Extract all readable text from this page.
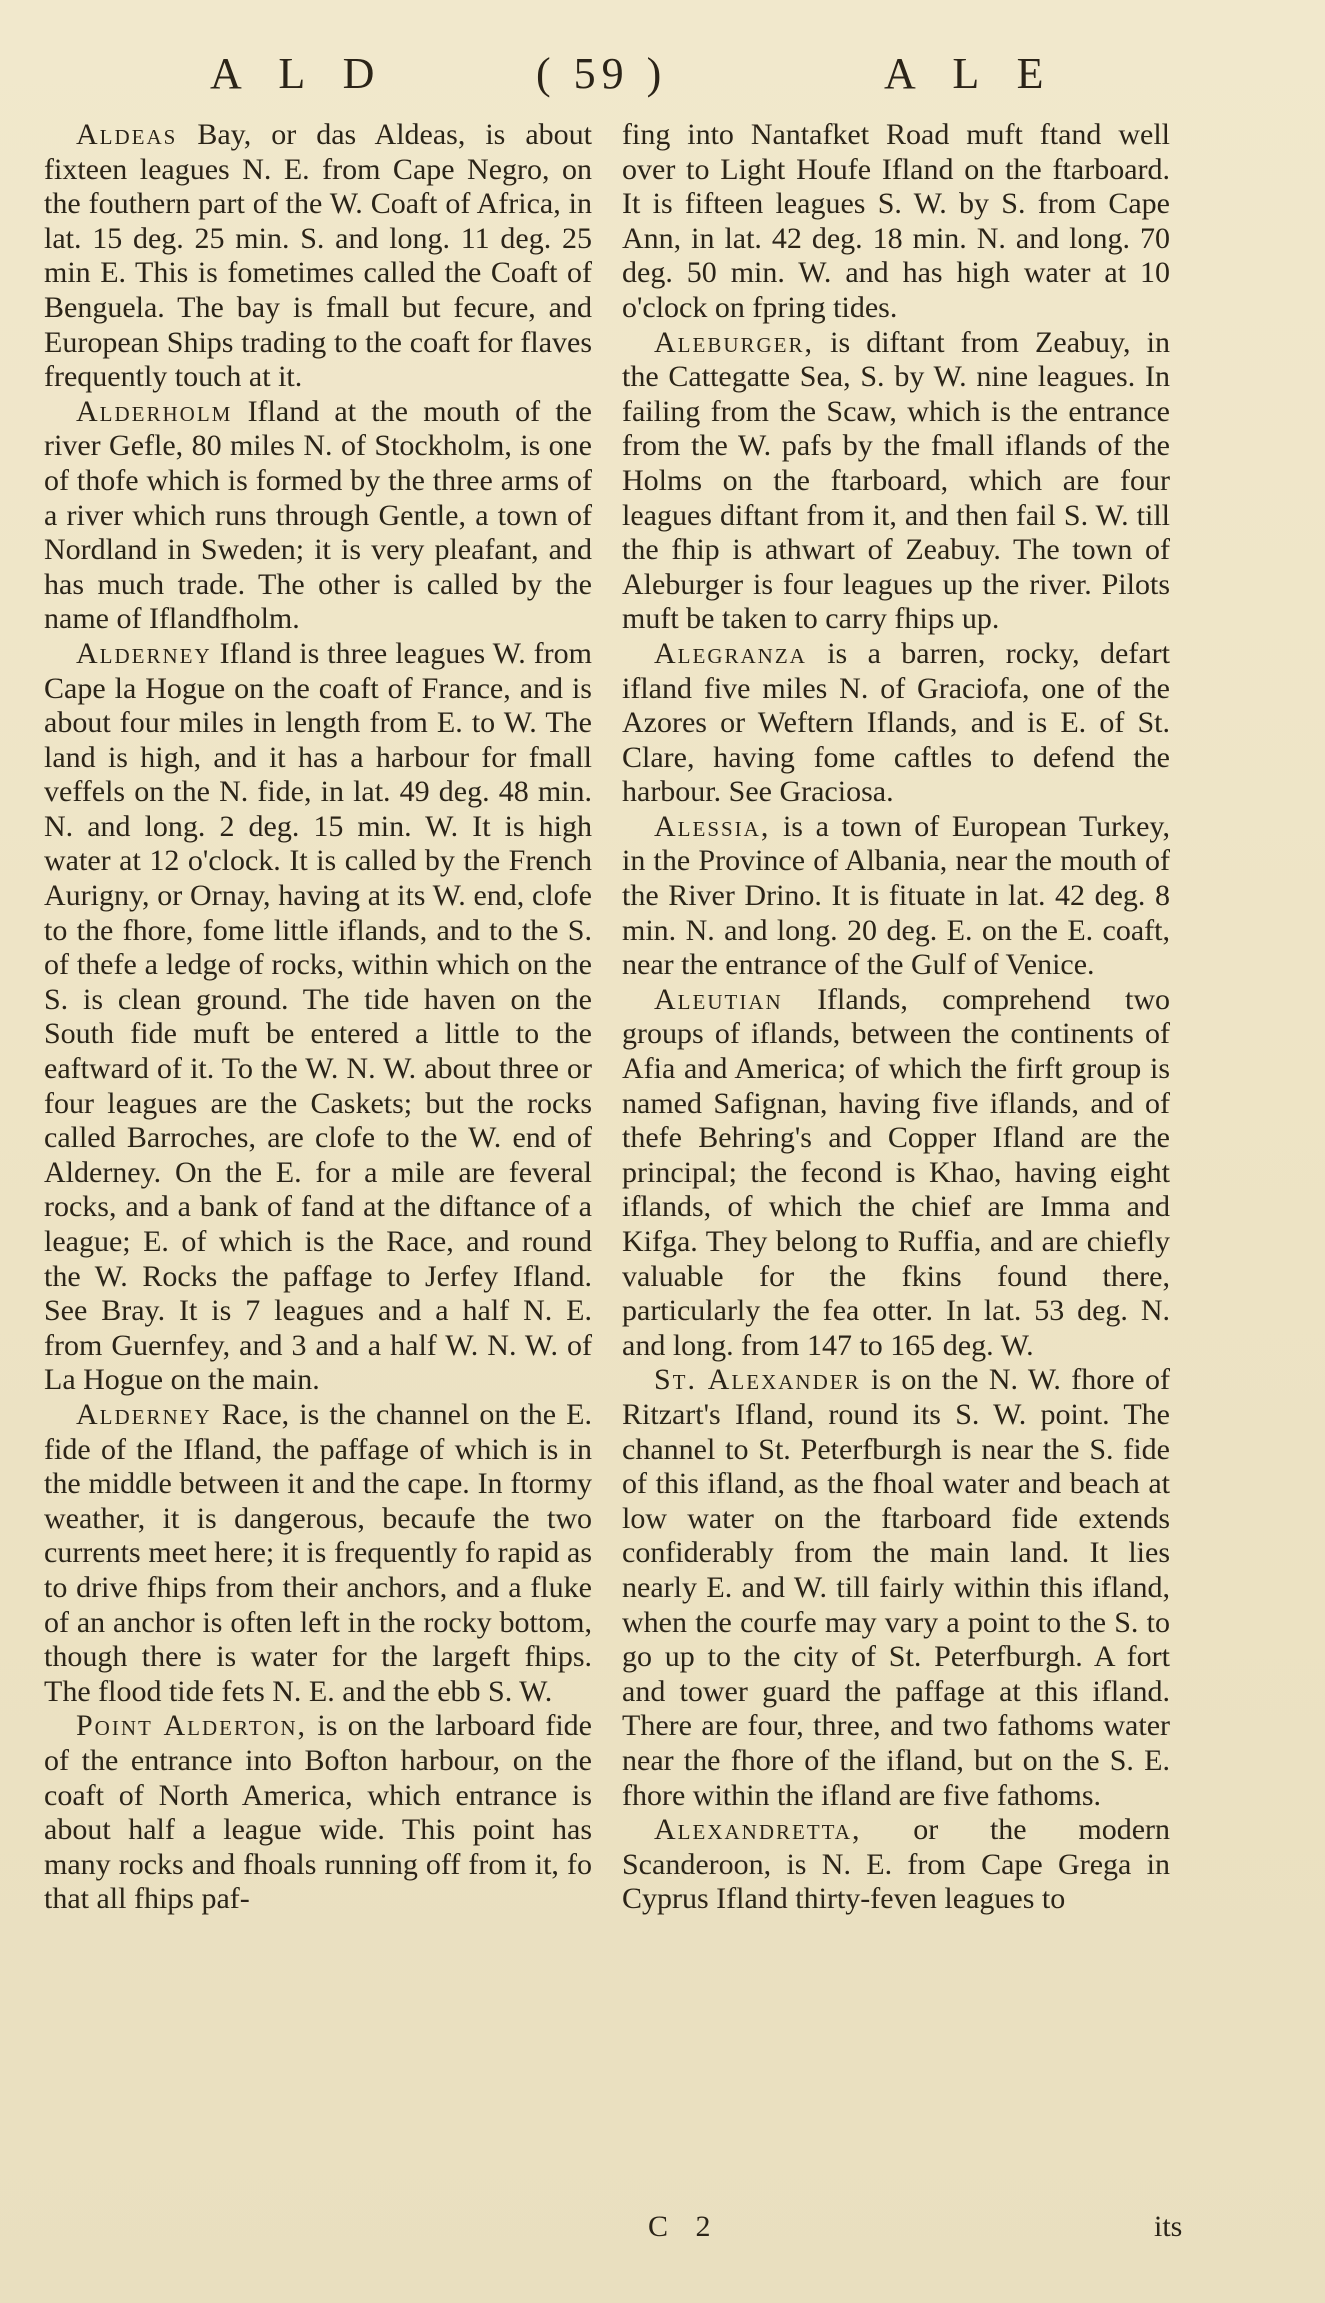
A L D	( 59 )	A L E

Aldeas Bay, or das Aldeas, is about fixteen leagues N. E. from Cape Negro, on the fouthern part of the W. Coaft of Africa, in lat. 15 deg. 25 min. S. and long. 11 deg. 25 min E. This is fometimes called the Coaft of Benguela. The bay is fmall but fecure, and European Ships trading to the coaft for flaves frequently touch at it.

Alderholm Ifland at the mouth of the river Gefle, 80 miles N. of Stockholm, is one of thofe which is formed by the three arms of a river which runs through Gentle, a town of Nordland in Sweden; it is very pleafant, and has much trade. The other is called by the name of Iflandfholm.

Alderney Ifland is three leagues W. from Cape la Hogue on the coaft of France, and is about four miles in length from E. to W. The land is high, and it has a harbour for fmall veffels on the N. fide, in lat. 49 deg. 48 min. N. and long. 2 deg. 15 min. W. It is high water at 12 o'clock. It is called by the French Aurigny, or Ornay, having at its W. end, clofe to the fhore, fome little iflands, and to the S. of thefe a ledge of rocks, within which on the S. is clean ground. The tide haven on the South fide muft be entered a little to the eaftward of it. To the W. N. W. about three or four leagues are the Caskets; but the rocks called Barroches, are clofe to the W. end of Alderney. On the E. for a mile are feveral rocks, and a bank of fand at the diftance of a league; E. of which is the Race, and round the W. Rocks the paffage to Jerfey Ifland. See Bray. It is 7 leagues and a half N. E. from Guernfey, and 3 and a half W. N. W. of La Hogue on the main.

Alderney Race, is the channel on the E. fide of the Ifland, the paffage of which is in the middle between it and the cape. In ftormy weather, it is dangerous, becaufe the two currents meet here; it is frequently fo rapid as to drive fhips from their anchors, and a fluke of an anchor is often left in the rocky bottom, though there is water for the largeft fhips. The flood tide fets N. E. and the ebb S. W.

Point Alderton, is on the larboard fide of the entrance into Bofton harbour, on the coaft of North America, which entrance is about half a league wide. This point has many rocks and fhoals running off from it, fo that all fhips paf-

fing into Nantafket Road muft ftand well over to Light Houfe Ifland on the ftarboard. It is fifteen leagues S. W. by S. from Cape Ann, in lat. 42 deg. 18 min. N. and long. 70 deg. 50 min. W. and has high water at 10 o'clock on fpring tides.

Aleburger, is diftant from Zeabuy, in the Cattegatte Sea, S. by W. nine leagues. In failing from the Scaw, which is the entrance from the W. pafs by the fmall iflands of the Holms on the ftarboard, which are four leagues diftant from it, and then fail S. W. till the fhip is athwart of Zeabuy. The town of Aleburger is four leagues up the river. Pilots muft be taken to carry fhips up.

Alegranza is a barren, rocky, defart ifland five miles N. of Graciofa, one of the Azores or Weftern Iflands, and is E. of St. Clare, having fome caftles to defend the harbour. See Graciosa.

Alessia, is a town of European Turkey, in the Province of Albania, near the mouth of the River Drino. It is fituate in lat. 42 deg. 8 min. N. and long. 20 deg. E. on the E. coaft, near the entrance of the Gulf of Venice.

Aleutian Iflands, comprehend two groups of iflands, between the continents of Afia and America; of which the firft group is named Safignan, having five iflands, and of thefe Behring's and Copper Ifland are the principal; the fecond is Khao, having eight iflands, of which the chief are Imma and Kifga. They belong to Ruffia, and are chiefly valuable for the fkins found there, particularly the fea otter. In lat. 53 deg. N. and long. from 147 to 165 deg. W.

St. Alexander is on the N. W. fhore of Ritzart's Ifland, round its S. W. point. The channel to St. Peterfburgh is near the S. fide of this ifland, as the fhoal water and beach at low water on the ftarboard fide extends confiderably from the main land. It lies nearly E. and W. till fairly within this ifland, when the courfe may vary a point to the S. to go up to the city of St. Peterfburgh. A fort and tower guard the paffage at this ifland. There are four, three, and two fathoms water near the fhore of the ifland, but on the S. E. fhore within the ifland are five fathoms.

Alexandretta, or the modern Scanderoon, is N. E. from Cape Grega in Cyprus Ifland thirty-feven leagues to

C 2	its
